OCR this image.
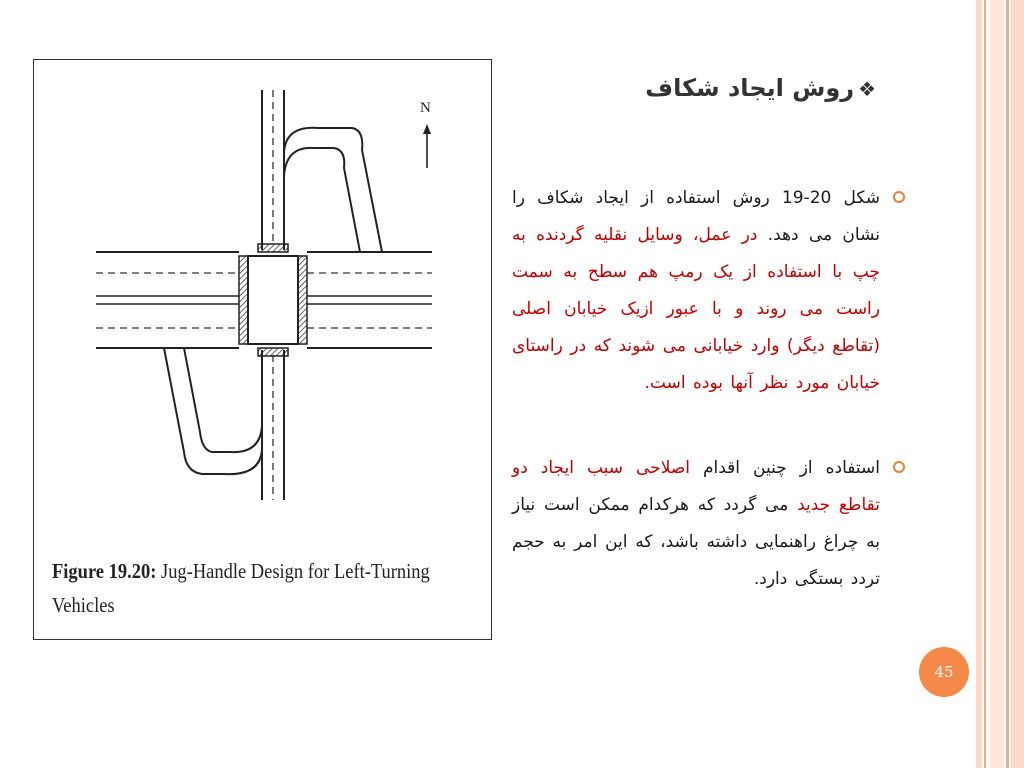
❖روش ایجاد شکاف
شکل 20-19 روش استفاده از ایجاد شکاف را نشان می دهد. در عمل، وسایل نقلیه گردنده به چپ با استفاده از یک رمپ هم سطح به سمت راست می روند و با عبور ازیک خیابان اصلی (تقاطع دیگر) وارد خیابانی می شوند که در راستای خیابان مورد نظر آنها بوده است.
استفاده از چنین اقدام اصلاحی سبب ایجاد دو تقاطع جدید می گردد که هرکدام ممکن است نیاز به چراغ راهنمایی داشته باشد، که این امر به حجم تردد بستگی دارد.
N
Figure 19.20: Jug-Handle Design for Left-Turning Vehicles
45
